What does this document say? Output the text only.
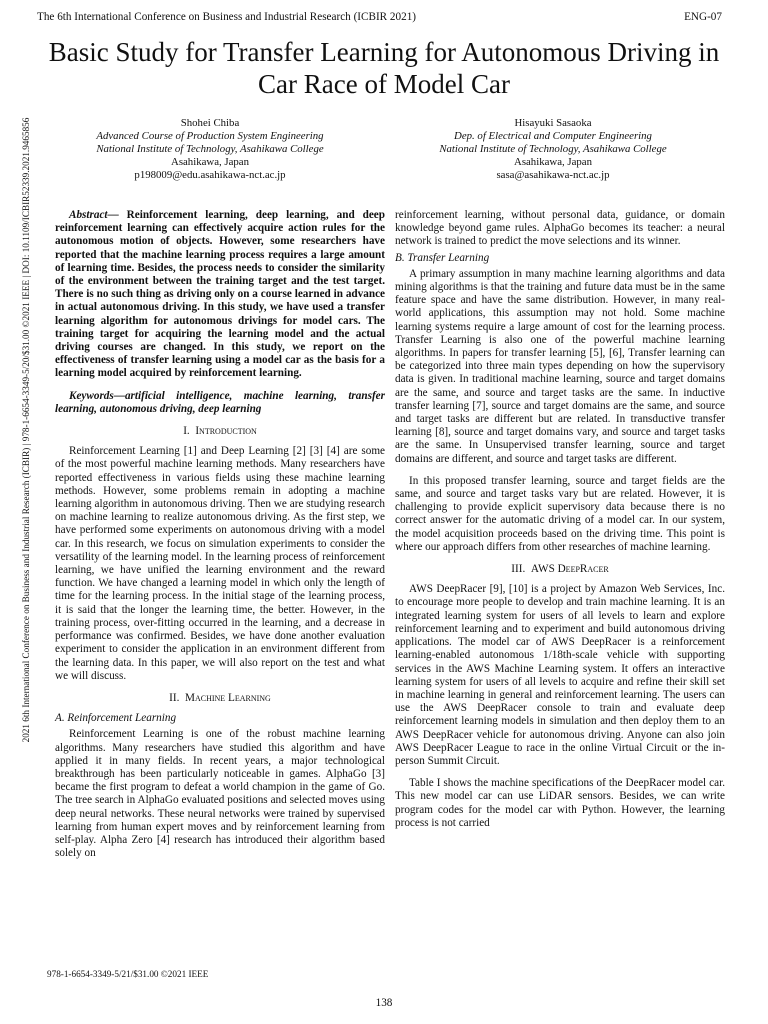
The 6th International Conference on Business and Industrial Research (ICBIR 2021)	ENG-07
Basic Study for Transfer Learning for Autonomous Driving in Car Race of Model Car
Shohei Chiba
Advanced Course of Production System Engineering
National Institute of Technology, Asahikawa College
Asahikawa, Japan
p198009@edu.asahikawa-nct.ac.jp
Hisayuki Sasaoka
Dep. of Electrical and Computer Engineering
National Institute of Technology, Asahikawa College
Asahikawa, Japan
sasa@asahikawa-nct.ac.jp
2021 6th International Conference on Business and Industrial Research (ICBIR) | 978-1-6654-3349-5/20/$31.00 ©2021 IEEE | DOI: 10.1109/ICBIR52339.2021.9465856	Abstract— Reinforcement learning, deep learning, and deep reinforcement learning can effectively acquire action rules for the autonomous motion of objects. However, some researchers have reported that the machine learning process requires a large amount of learning time. Besides, the process needs to consider the similarity of the environment between the training target and the test target. There is no such thing as driving only on a course learned in advance in actual autonomous driving. In this study, we have used a transfer learning algorithm for autonomous drivings for model cars. The training target for acquiring the learning model and the actual driving courses are changed. In this study, we report on the effectiveness of transfer learning using a model car as the basis for a learning model acquired by reinforcement learning.

Keywords—artificial intelligence, machine learning, transfer learning, autonomous driving, deep learning

I. Introduction

Reinforcement Learning [1] and Deep Learning [2] [3] [4] are some of the most powerful machine learning methods. Many researchers have reported effectiveness in various fields using these machine learning methods. However, some problems remain in adopting a machine learning algorithm in autonomous driving. Then we are studying research on machine learning to realize autonomous driving. As the first step, we have performed some experiments on autonomous driving with a model car. In this research, we focus on simulation experiments to consider the versatility of the learning model. In the learning process of reinforcement learning, we have unified the learning environment and the reward function. We have changed a learning model in which only the length of time for the learning process. In the initial stage of the learning process, it is said that the longer the learning time, the better. However, in the training process, over-fitting occurred in the learning, and a decrease in performance was confirmed. Besides, we have done another evaluation experiment to consider the application in an environment different from the learning data. In this paper, we will also report on the test and what we will discuss.

II. Machine Learning
A. Reinforcement Learning

Reinforcement Learning is one of the robust machine learning algorithms. Many researchers have studied this algorithm and have applied it in many fields. In recent years, a major technological breakthrough has been particularly noticeable in games. AlphaGo [3] became the first program to defeat a world champion in the game of Go. The tree search in AlphaGo evaluated positions and selected moves using deep neural networks. These neural networks were trained by supervised learning from human expert moves and by reinforcement learning from self-play. Alpha Zero [4] research has introduced their algorithm based solely on

reinforcement learning, without personal data, guidance, or domain knowledge beyond game rules. AlphaGo becomes its teacher: a neural network is trained to predict the move selections and its winner.

B. Transfer Learning

A primary assumption in many machine learning algorithms and data mining algorithms is that the training and future data must be in the same feature space and have the same distribution. However, in many real-world applications, this assumption may not hold. Some machine learning systems require a large amount of cost for the learning process. Transfer Learning is also one of the powerful machine learning algorithms. In papers for transfer learning [5], [6], Transfer learning can be categorized into three main types depending on how the supervisory data is given. In traditional machine learning, source and target domains are the same, and source and target tasks are the same. In inductive transfer learning [7], source and target domains are the same, and source and target tasks are different but are related. In transductive transfer learning [8], source and target domains vary, and source and target tasks are the same. In Unsupervised transfer learning, source and target domains are different, and source and target tasks are different.

In this proposed transfer learning, source and target fields are the same, and source and target tasks vary but are related. However, it is challenging to provide explicit supervisory data because there is no correct answer for the automatic driving of a model car. In our system, the model acquisition proceeds based on the driving time. This point is where our approach differs from other researches of machine learning.

III. AWS DeepRacer

AWS DeepRacer [9], [10] is a project by Amazon Web Services, Inc. to encourage more people to develop and train machine learning. It is an integrated learning system for users of all levels to learn and explore reinforcement learning and to experiment and build autonomous driving applications. The model car of AWS DeepRacer is a reinforcement learning-enabled autonomous 1/18th-scale vehicle with supporting services in the AWS Machine Learning system. It offers an interactive learning system for users of all levels to acquire and refine their skill set in machine learning in general and reinforcement learning. The users can use the AWS DeepRacer console to train and evaluate deep reinforcement learning models in simulation and then deploy them to an AWS DeepRacer vehicle for autonomous driving. Anyone can also join AWS DeepRacer League to race in the online Virtual Circuit or the in-person Summit Circuit.

Table I shows the machine specifications of the DeepRacer model car. This new model car can use LiDAR sensors. Besides, we can write program codes for the model car with Python. However, the learning process is not carried

978-1-6654-3349-5/21/$31.00 ©2021 IEEE
138
